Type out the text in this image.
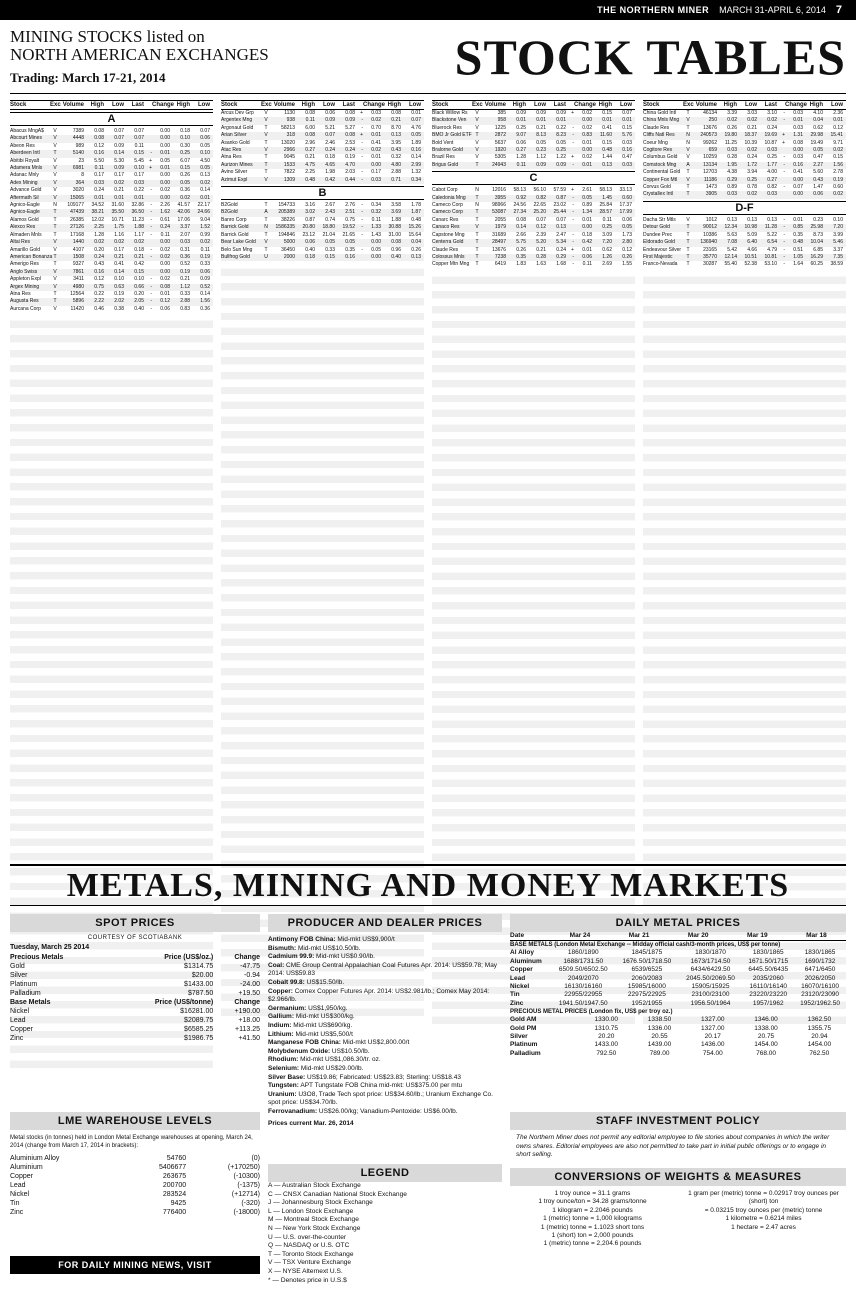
THE NORTHERN MINER MARCH 31-APRIL 6, 2014 7
MINING STOCKS listed on
NORTH AMERICAN EXCHANGES
Trading: March 17-21, 2014	STOCK TABLES
Stock	Exc Volume	High	Low	Last Change High	Low
A
Abacus MngA$	V	7389	0.08	0.07	0.07	0.00	0.18	0.07
Abcourt Mines	V	4448	0.08	0.07	0.07	0.00	0.10	0.06
Abeon Res	V	989	0.12	0.09	0.11	0.00	0.30	0.05
Aberdeen Intl	T	5140	0.16	0.14	0.15	-	0.01	0.25	0.10
Abitibi Royalt	V	23	5.50	5.30	5.45	+	0.05	6.07	4.50
Adamera Mnls	V	6981	0.11	0.09	0.10	+	0.01	0.15	0.05
Adanac Mnly	V	8	0.17	0.17	0.17	0.00	0.26	0.13
Adex Mining	V	364	0.03	0.02	0.03	0.00	0.05	0.02
Advance Gold	V	3020	0.24	0.21	0.22	-	0.02	0.36	0.14
Aftermath Sil	V	15065	0.01	0.01	0.01	0.00	0.02	0.01
Agnico-Eagle	N	109177	34.52	31.60	32.86	-	2.26	41.57	22.17
Agnico-Eagle	T	47439	38.21	35.50	36.50	-	1.62	42.06	24.66
Alamos Gold	T	26385	12.02	10.71	11.23	-	0.61	17.06	9.04
Alexco Res	T	27126	2.25	1.75	1.88	-	0.24	3.37	1.52
Almaden Mnls	T	17168	1.28	1.16	1.17	-	0.11	2.07	0.99
Altai Res	V	1440	0.02	0.02	0.02	0.00	0.03	0.02
Amarillo Gold	V	4107	0.20	0.17	0.18	-	0.02	0.31	0.11
American Bonanza T	1508	0.24	0.21	0.21	-	0.02	0.36	0.19
Amerigo Res	T	9327	0.43	0.41	0.42	0.00	0.52	0.33
Anglo Swiss	V	7861	0.16	0.14	0.15	0.00	0.19	0.06
Appleton Expl	V	3411	0.12	0.10	0.10	-	0.02	0.21	0.09
Argex Mining	V	4980	0.75	0.63	0.66	-	0.08	1.12	0.52
Atna Res	T	12564	0.22	0.19	0.20	-	0.01	0.33	0.14
Augusta Res	T	5896	2.22	2.02	2.05	-	0.12	2.88	1.56
Aurcana Corp	V	11420	0.46	0.38	0.40	-	0.06	0.83	0.36
Stock	Exc Volume	High	Low	Last Change High	Low
Arcus Dev Grp	V	1130	0.08	0.06	0.08	+	0.03	0.08	0.01
Argentex Mng	V	938	0.11	0.09	0.09	-	0.02	0.21	0.07
Argonaut Gold	T	58213	6.00	5.21	5.27	-	0.70	8.70	4.76
Arian Silver	V	318	0.08	0.07	0.08	+	0.01	0.13	0.05
Asanko Gold	T	13020	2.96	2.46	2.53	-	0.41	3.95	1.89
Atac Res	V	2966	0.27	0.24	0.24	-	0.02	0.43	0.16
Atna Res	T	9045	0.21	0.18	0.19	-	0.01	0.32	0.14
Aurizon Mines	T	1533	4.75	4.65	4.70	0.00	4.80	2.99
Avino Silver	T	7822	2.25	1.98	2.03	-	0.17	2.88	1.32
Azimut Expl	V	1309	0.48	0.42	0.44	-	0.03	0.71	0.34
B
B2Gold	T	154733	3.16	2.67	2.76	-	0.34	3.58	1.78
B2Gold	A	205389	3.02	2.43	2.51	-	0.32	3.69	1.87
Banro Corp	T	38226	0.87	0.74	0.75	-	0.11	1.88	0.48
Barrick Gold	N	1586335	20.80	18.80	19.52	-	1.33	30.88	15.26
Barrick Gold	T	194846	23.12	21.04	21.65	-	1.43	31.00	15.64
Bear Lake Gold	V	5000	0.06	0.05	0.05	0.00	0.08	0.04
Belo Sun Mng	T	36450	0.40	0.33	0.35	-	0.05	0.96	0.26
Bullfrog Gold	U	2000	0.18	0.15	0.16	0.00	0.40	0.13
Stock	Exc Volume	High	Low	Last Change High	Low
Black Willow Rs	V	385	0.09	0.09	0.09	+	0.02	0.15	0.07
Blackstone Ven	V	958	0.01	0.01	0.01	0.00	0.01	0.01
Bluerock Res	V	1225	0.25	0.21	0.22	-	0.02	0.41	0.15
BMO Jr Gold ETF T	2872	9.07	8.13	8.23	-	0.83	11.60	5.76
Bold Vent	V	5637	0.06	0.05	0.05	-	0.01	0.15	0.03
Bralorne Gold	V	1920	0.27	0.23	0.25	0.00	0.48	0.16
Brazil Res	V	5305	1.28	1.12	1.22	+	0.02	1.44	0.47
Brigus Gold	T	24943	0.11	0.09	0.09	-	0.01	0.13	0.03
C
Cabot Corp	N	12016	58.13	56.10	57.59	+	2.61	58.13	33.13
Caledonia Mng	T	3955	0.92	0.82	0.87	-	0.05	1.45	0.60
Cameco Corp	N	98966	24.56	22.65	23.02	-	0.89	25.84	17.37
Cameco Corp	T	53087	27.34	25.20	25.44	-	1.34	28.57	17.99
Canarc Res	T	2055	0.08	0.07	0.07	-	0.01	0.11	0.06
Canaco Res	V	1979	0.14	0.12	0.13	0.00	0.25	0.05
Capstone Mng	T	31689	2.66	2.39	2.47	-	0.18	3.09	1.73
Centerra Gold	T	28497	5.75	5.20	5.34	-	0.42	7.20	2.80
Claude Res	T	13676	0.26	0.21	0.24	+	0.01	0.62	0.12
Colossus Mnls	T	7238	0.35	0.28	0.29	-	0.06	1.26	0.26
Copper Mtn Mng	T	6419	1.83	1.63	1.68	-	0.11	2.69	1.55
Stock	Exc Volume	High	Low	Last Change High	Low
China Gold Intl	T	46134	3.39	3.03	3.10	-	0.03	4.10	2.36
China Mnls Mng	V	250	0.02	0.02	0.02	-	0.01	0.04	0.01
Claude Res	T	13676	0.26	0.21	0.24	0.03	0.62	0.12
Cliffs Natl Res	N	240573	19.80	18.37	19.69	+	1.31	29.98	15.41
Coeur Mng	N	99262	11.25	10.39	10.87	+	0.08	19.49	9.71
Cogitore Res	V	659	0.03	0.02	0.03	0.00	0.05	0.02
Columbus Gold	V	10259	0.28	0.24	0.25	-	0.03	0.47	0.15
Comstock Mng	A	13134	1.95	1.72	1.77	-	0.16	2.27	1.56
Continental Gold	T	12703	4.38	3.94	4.00	-	0.41	5.60	2.78
Copper Fox Mtl	V	11186	0.29	0.25	0.27	0.00	0.43	0.19
Corvus Gold	T	1473	0.89	0.78	0.82	-	0.07	1.47	0.60
Crystallex Intl	T	3905	0.03	0.02	0.03	0.00	0.06	0.02
D-F
Dacha Str Mtls	V	1012	0.13	0.13	0.13	-	0.01	0.23	0.10
Detour Gold	T	90012	12.34	10.98	11.28	-	0.85	25.98	7.20
Dundee Prec	T	10386	5.63	5.09	5.22	-	0.35	8.73	3.99
Eldorado Gold	T	136940	7.08	6.40	6.54	-	0.48	10.04	5.46
Endeavour Silver	T	23165	5.42	4.66	4.79	-	0.51	6.85	3.37
First Majestic	T	35770	12.14	10.51	10.81	-	1.05	16.29	7.35
Franco-Nevada	T	30287	55.40	52.38	53.10	-	1.64	60.25	38.59
METALS, MINING AND MONEY MARKETS
SPOT PRICES
COURTESY OF SCOTIABANK
Tuesday, March 25 2014
Precious Metals	Price (US$/oz.)	Change
Gold	$1314.75	-47.75
Silver	$20.00	-0.94
Platinum	$1433.00	-24.00
Palladium	$787.50	+19.50
Base Metals	Price (US$/tonne)	Change
Nickel	$16281.00	+190.00
Lead	$2089.75	+18.00
Copper	$6585.25	+113.25
Zinc	$1986.75	+41.50
LME WAREHOUSE LEVELS

Metal stocks (in tonnes) held in London Metal Exchange warehouses at opening, March 24, 2014 (change from March 17, 2014 in brackets):

Aluminium Alloy	54760	(0)
Aluminium	5406677	(+170250)
Copper	263675	(-10300)
Lead	200700	(-1375)
Nickel	283524	(+12714)
Tin	9425	(-320)
Zinc	776400	(-18000)
PRODUCER AND DEALER PRICES
Antimony FOB China: Mid-mkt US$9,900/t
Bismuth: Mid-mkt US$10.50/lb.
Cadmium 99.9: Mid-mkt US$0.90/lb.
Coal: CME Group Central Appalachian Coal Futures Apr. 2014: US$59.78; May 2014: US$59.83
Cobalt 99.8: US$15.50/lb.
Copper: Comex Copper Futures Apr. 2014: US$2.981/lb.; Comex May 2014: $2.966/lb.
Germanium: US$1,950/kg.
Gallium: Mid-mkt US$300/kg.
Indium: Mid-mkt US$690/kg.
Lithium: Mid-mkt US$5,500/t
Manganese FOB China: Mid-mkt US$2,800.00/t
Molybdenum Oxide: US$10.50/lb.
Rhodium: Mid-mkt US$1,086.30/tr. oz.
Selenium: Mid-mkt US$29.00/lb.
Silver Base: US$19.86; Fabricated: US$23.83; Sterling: US$18.43
Tungsten: APT Tungstate FOB China mid-mkt: US$375.00 per mtu
Uranium: U3O8, Trade Tech spot price: US$34.60/lb.; Uranium Exchange Co. spot price: US$34.70/lb.
Ferrovanadium: US$26.00/kg; Vanadium-Pentoxide: US$6.00/lb.
Prices current Mar. 26, 2014
LEGEND
A — Australian Stock Exchange
C — CNSX Canadian National Stock Exchange
J — Johannesburg Stock Exchange
L — London Stock Exchange
M — Montreal Stock Exchange
N — New York Stock Exchange
U — U.S. over-the-counter
Q — NASDAQ or U.S. OTC
T — Toronto Stock Exchange
V — TSX Venture Exchange
X — NYSE Alternext U.S.
* — Denotes price in U.S.$
DAILY METAL PRICES
Date	Mar 24	Mar 21	Mar 20	Mar 19	Mar 18
BASE METALS (London Metal Exchange -- Midday official cash/3-month prices, US$ per tonne)
Al Alloy	1860/1890	1845/1875	1830/1870	1830/1865	1830/1865
Aluminum	1688/1731.50	1676.50/1718.50	1673/1714.50	1671.50/1715	1690/1732
Copper	6509.50/6502.50	6539/6525	6434/6429.50	6445.50/6435	6471/6450
Lead	2049/2070	2060/2083	2045.50/2069.50	2035/2060	2026/2050
Nickel	16130/16160	15985/16000	15905/15925	16110/16140	16070/16100
Tin	22955/22955	22975/22925	23100/23100	23220/23220	23120/23090
Zinc	1941.50/1947.50	1952/1955	1956.50/1964	1957/1962	1952/1962.50
PRECIOUS METAL PRICES (London fix, US$ per troy oz.)
Gold AM	1330.00	1338.50	1327.00	1346.00	1362.50
Gold PM	1310.75	1336.00	1327.00	1338.00	1355.75
Silver	20.20	20.55	20.17	20.75	20.94
Platinum	1433.00	1439.00	1436.00	1454.00	1454.00
Palladium	792.50	789.00	754.00	768.00	762.50
STAFF INVESTMENT POLICY

The Northern Miner does not permit any editorial employee to file stories about companies in which the writer owns shares. Editorial employees are also not permitted to take part in initial public offerings or to engage in short selling.

CONVERSIONS OF WEIGHTS & MEASURES
1 troy ounce = 31.1 grams
1 troy ounce/ton = 34.28 grams/tonne
1 kilogram = 2.2046 pounds
1 (metric) tonne = 1,000 kilograms
1 (metric) tonne = 1.1023 short tons
1 (short) ton = 2,000 pounds
1 (metric) tonne = 2,204.6 pounds
1 gram per (metric) tonne = 0.02917 troy ounces per (short) ton
= 0.03215 troy ounces per (metric) tonne
1 kilometre = 0.6214 miles
1 hectare = 2.47 acres
FOR DAILY MINING NEWS, VISIT WWW.NORTHERNMINER.COM
